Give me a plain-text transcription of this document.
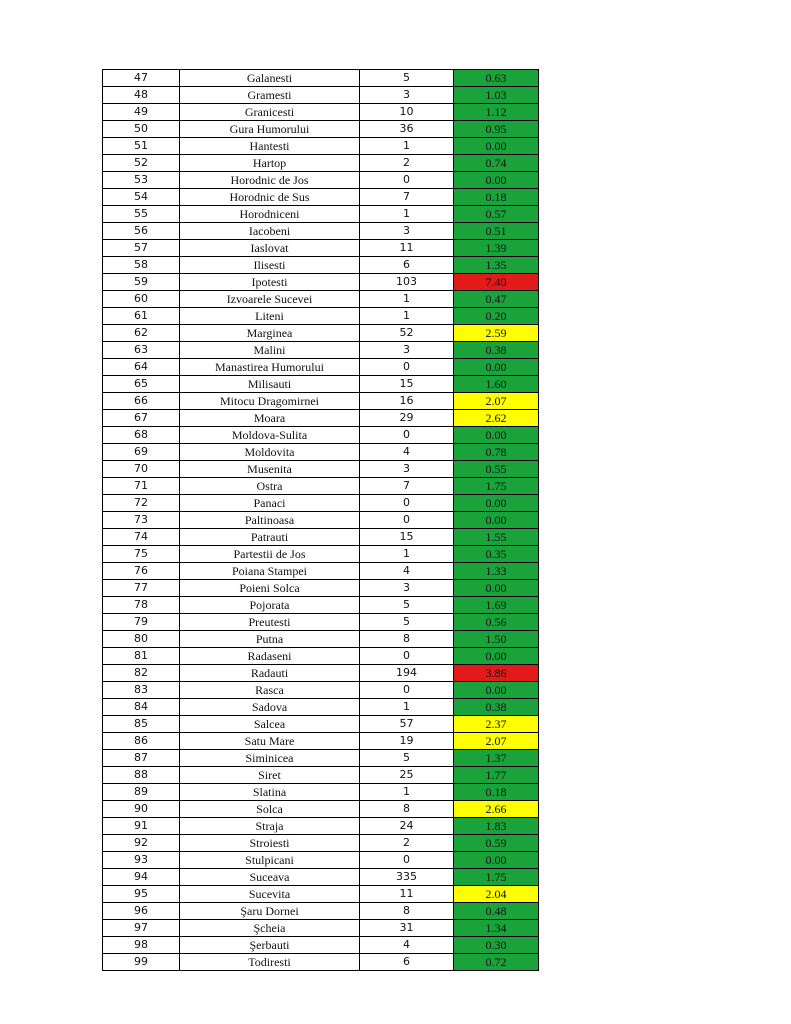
47	Galanesti	5	0.63
48	Gramesti	3	1.03
49	Granicesti	10	1.12
50	Gura Humorului	36	0.95
51	Hantesti	1	0.00
52	Hartop	2	0.74
53	Horodnic de Jos	0	0.00
54	Horodnic de Sus	7	0.18
55	Horodniceni	1	0.57
56	Iacobeni	3	0.51
57	Iaslovat	11	1.39
58	Ilisesti	6	1.35
59	Ipotesti	103	7.40
60	Izvoarele Sucevei	1	0.47
61	Liteni	1	0.20
62	Marginea	52	2.59
63	Malini	3	0.38
64	Manastirea Humorului	0	0.00
65	Milisauti	15	1.60
66	Mitocu Dragomirnei	16	2.07
67	Moara	29	2.62
68	Moldova-Sulita	0	0.00
69	Moldovita	4	0.78
70	Musenita	3	0.55
71	Ostra	7	1.75
72	Panaci	0	0.00
73	Paltinoasa	0	0.00
74	Patrauti	15	1.55
75	Partestii de Jos	1	0.35
76	Poiana Stampei	4	1.33
77	Poieni Solca	3	0.00
78	Pojorata	5	1.69
79	Preutesti	5	0.56
80	Putna	8	1.50
81	Radaseni	0	0.00
82	Radauti	194	3.86
83	Rasca	0	0.00
84	Sadova	1	0.38
85	Salcea	57	2.37
86	Satu Mare	19	2.07
87	Siminicea	5	1.37
88	Siret	25	1.77
89	Slatina	1	0.18
90	Solca	8	2.66
91	Straja	24	1.83
92	Stroiesti	2	0.59
93	Stulpicani	0	0.00
94	Suceava	335	1.75
95	Sucevita	11	2.04
96	Şaru Dornei	8	0.48
97	Şcheia	31	1.34
98	Şerbauti	4	0.30
99	Todiresti	6	0.72
